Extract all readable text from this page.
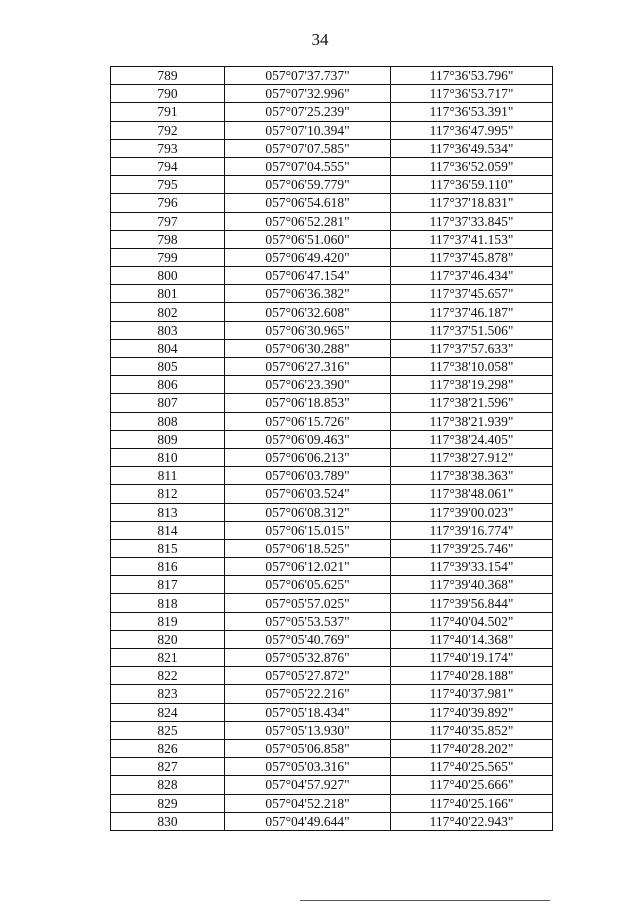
34
789	057°07'37.737"	117°36'53.796"
790	057°07'32.996"	117°36'53.717"
791	057°07'25.239"	117°36'53.391"
792	057°07'10.394"	117°36'47.995"
793	057°07'07.585"	117°36'49.534"
794	057°07'04.555"	117°36'52.059"
795	057°06'59.779"	117°36'59.110"
796	057°06'54.618"	117°37'18.831"
797	057°06'52.281"	117°37'33.845"
798	057°06'51.060"	117°37'41.153"
799	057°06'49.420"	117°37'45.878"
800	057°06'47.154"	117°37'46.434"
801	057°06'36.382"	117°37'45.657"
802	057°06'32.608"	117°37'46.187"
803	057°06'30.965"	117°37'51.506"
804	057°06'30.288"	117°37'57.633"
805	057°06'27.316"	117°38'10.058"
806	057°06'23.390"	117°38'19.298"
807	057°06'18.853"	117°38'21.596"
808	057°06'15.726"	117°38'21.939"
809	057°06'09.463"	117°38'24.405"
810	057°06'06.213"	117°38'27.912"
811	057°06'03.789"	117°38'38.363"
812	057°06'03.524"	117°38'48.061"
813	057°06'08.312"	117°39'00.023"
814	057°06'15.015"	117°39'16.774"
815	057°06'18.525"	117°39'25.746"
816	057°06'12.021"	117°39'33.154"
817	057°06'05.625"	117°39'40.368"
818	057°05'57.025"	117°39'56.844"
819	057°05'53.537"	117°40'04.502"
820	057°05'40.769"	117°40'14.368"
821	057°05'32.876"	117°40'19.174"
822	057°05'27.872"	117°40'28.188"
823	057°05'22.216"	117°40'37.981"
824	057°05'18.434"	117°40'39.892"
825	057°05'13.930"	117°40'35.852"
826	057°05'06.858"	117°40'28.202"
827	057°05'03.316"	117°40'25.565"
828	057°04'57.927"	117°40'25.666"
829	057°04'52.218"	117°40'25.166"
830	057°04'49.644"	117°40'22.943"
